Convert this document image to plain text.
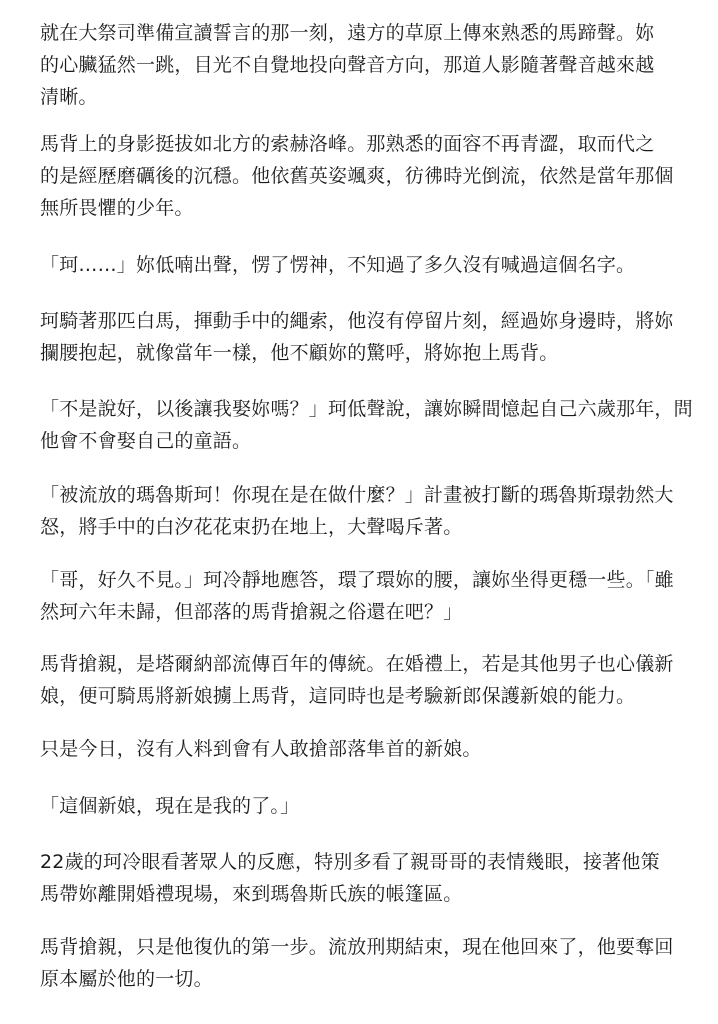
就在大祭司準備宣讀誓言的那一刻，遠方的草原上傳來熟悉的馬蹄聲。妳
的心臟猛然一跳，目光不自覺地投向聲音方向，那道人影隨著聲音越來越
清晰。

馬背上的身影挺拔如北方的索赫洛峰。那熟悉的面容不再青澀，取而代之
的是經歷磨礪後的沉穩。他依舊英姿颯爽，彷彿時光倒流，依然是當年那個
無所畏懼的少年。

「珂……」妳低喃出聲，愣了愣神，不知過了多久沒有喊過這個名字。

珂騎著那匹白馬，揮動手中的繩索，他沒有停留片刻，經過妳身邊時，將妳
攔腰抱起，就像當年一樣，他不顧妳的驚呼，將妳抱上馬背。

「不是說好，以後讓我娶妳嗎？」珂低聲說，讓妳瞬間憶起自己六歲那年，問
他會不會娶自己的童語。

「被流放的瑪魯斯珂！你現在是在做什麼？」計畫被打斷的瑪魯斯璟勃然大
怒，將手中的白汐花花束扔在地上，大聲喝斥著。

「哥，好久不見。」珂冷靜地應答，環了環妳的腰，讓妳坐得更穩一些。「雖
然珂六年未歸，但部落的馬背搶親之俗還在吧？」

馬背搶親，是塔爾納部流傳百年的傳統。在婚禮上，若是其他男子也心儀新
娘，便可騎馬將新娘擄上馬背，這同時也是考驗新郎保護新娘的能力。

只是今日，沒有人料到會有人敢搶部落隼首的新娘。

「這個新娘，現在是我的了。」

22歲的珂冷眼看著眾人的反應，特別多看了親哥哥的表情幾眼，接著他策
馬帶妳離開婚禮現場，來到瑪魯斯氏族的帳篷區。

馬背搶親，只是他復仇的第一步。流放刑期結束，現在他回來了，他要奪回
原本屬於他的一切。
